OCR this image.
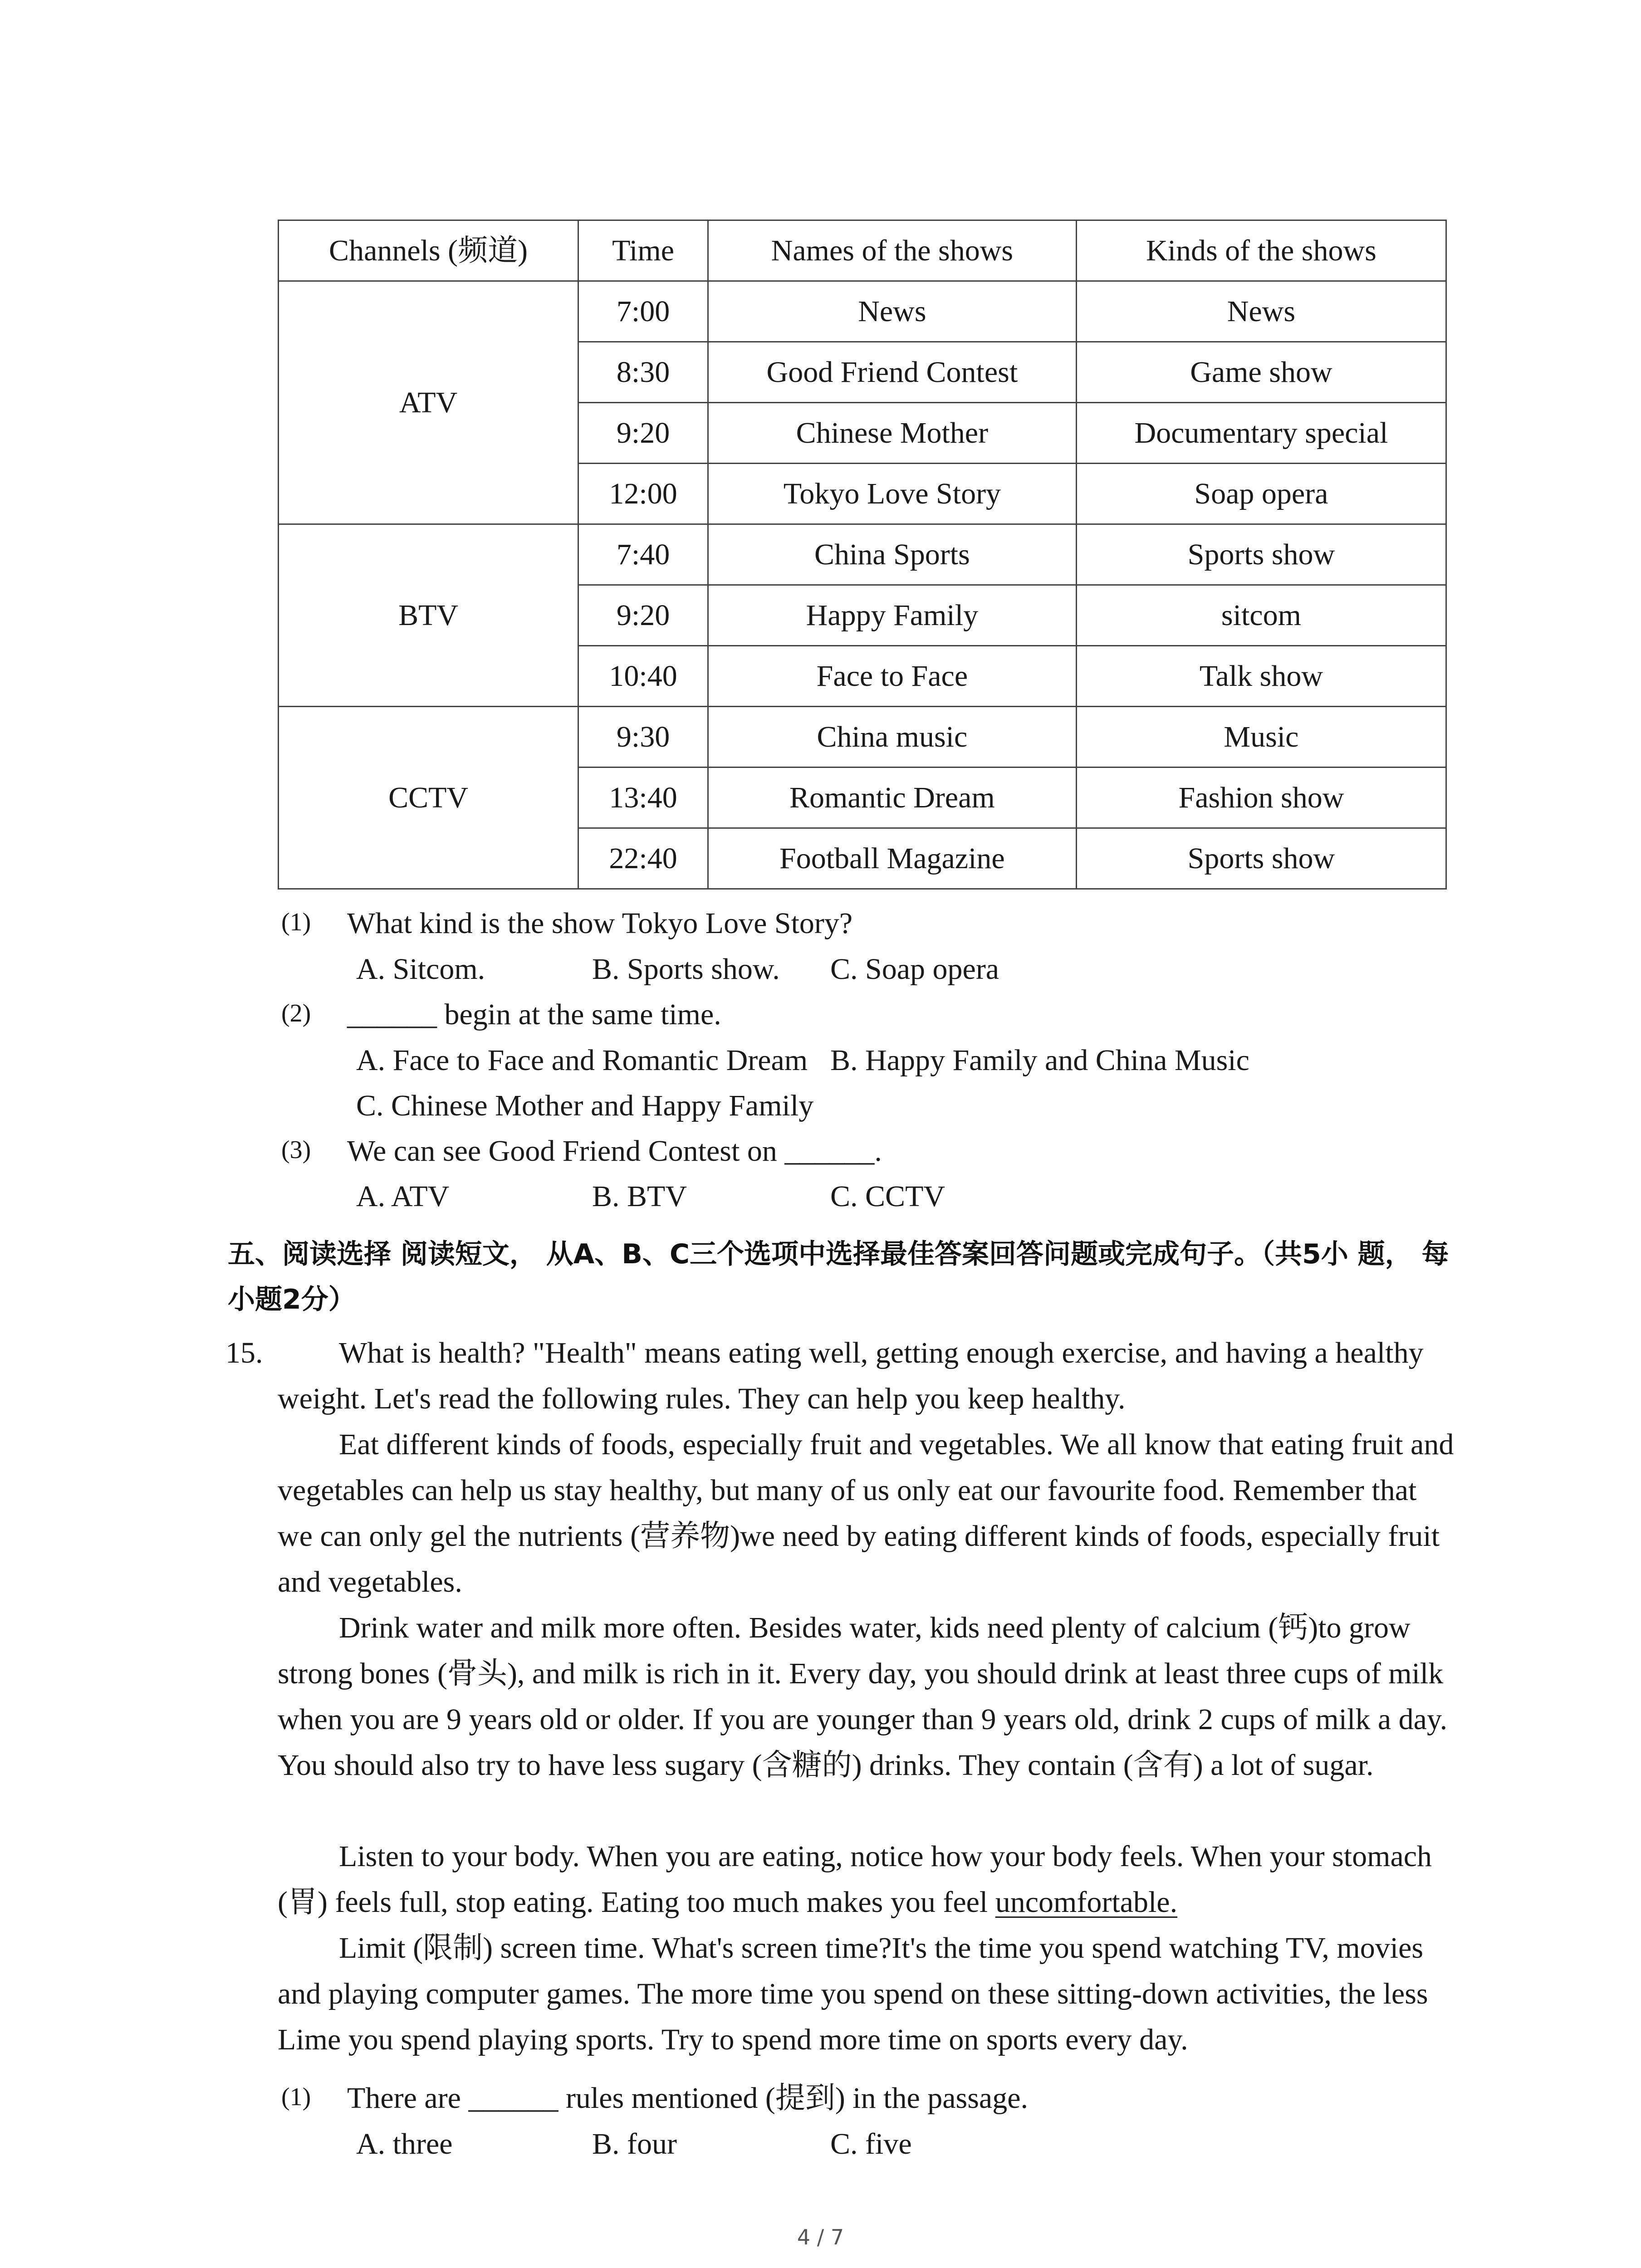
Channels (频道)	Time	Names of the shows	Kinds of the shows
ATV	7:00	News	News
	8:30	Good Friend Contest	Game show
	9:20	Chinese Mother	Documentary special
	12:00	Tokyo Love Story	Soap opera
BTV	7:40	China Sports	Sports show
	9:20	Happy Family	sitcom
	10:40	Face to Face	Talk show
CCTV	9:30	China music	Music
	13:40	Romantic Dream	Fashion show
	22:40	Football Magazine	Sports show
(1) What kind is the show Tokyo Love Story?
A. Sitcom.	B. Sports show. C. Soap opera
(2) ______ begin at the same time.
A. Face to Face and Romantic Dream B. Happy Family and China Music
C. Chinese Mother and Happy Family
(3) We can see Good Friend Contest on ______.
A. ATV	B. BTV	C. CCTV
五、阅读选择 阅读短文， 从A、B、C三个选项中选择最佳答案回答问题或完成句子。（共5小 题， 每小题2分）
15.	What is health? "Health" means eating well, getting enough exercise, and having a healthy

weight. Let's read the following rules. They can help you keep healthy.
Eat different kinds of foods, especially fruit and vegetables. We all know that eating fruit and vegetables can help us stay healthy, but many of us only eat our favourite food. Remember that we can only gel the nutrients (营养物)we need by eating different kinds of foods, especially fruit and vegetables.
Drink water and milk more often. Besides water, kids need plenty of calcium (钙)to grow strong bones (骨头), and milk is rich in it. Every day, you should drink at least three cups of milk when you are 9 years old or older. If you are younger than 9 years old, drink 2 cups of milk a day. You should also try to have less sugary (含糖的) drinks. They contain (含有) a lot of sugar.
Listen to your body. When you are eating, notice how your body feels. When your stomach (胃) feels full, stop eating. Eating too much makes you feel uncomfortable.
Limit (限制) screen time. What's screen time?It's the time you spend watching TV, movies and playing computer games. The more time you spend on these sitting-down activities, the less Lime you spend playing sports. Try to spend more time on sports every day.
(1) There are ______ rules mentioned (提到) in the passage.
A. three	B. four	C. five
4 / 7
